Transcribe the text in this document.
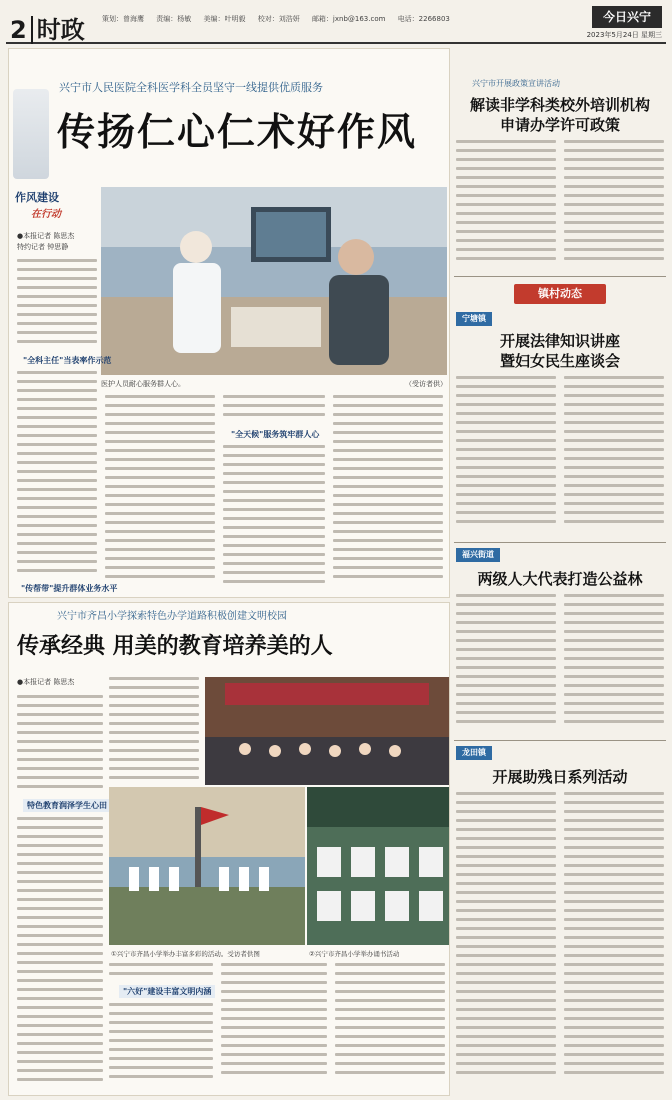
2 时政 策划：曾海鹰 责编：杨敏 美编：叶明毅 校对：刘浩妍 邮箱：jxnb@163.com 电话：2266803	今日兴宁
2023年5月24日 星期三
兴宁市人民医院全科医学科全员坚守一线提供优质服务
传扬仁心仁术好作风
作风建设
在行动
●本报记者 陈思杰
特约记者 钟思静
医护人员耐心服务群人心。	（受访者供）
"全科主任"当表率作示范
"传帮带"提升群体业务水平
"全天候"服务筑牢群人心
兴宁市齐昌小学探索特色办学道路积极创建文明校园
传承经典 用美的教育培养美的人
●本报记者 陈思杰
特色教育润泽学生心田
①兴宁市齐昌小学举办丰富多彩的活动。受访者供图	②兴宁市齐昌小学举办诵书活动
"六好"建设丰富文明内涵
兴宁市开展政策宣讲活动
解读非学科类校外培训机构
申请办学许可政策
镇村动态
宁塘镇
开展法律知识讲座
暨妇女民生座谈会
福兴街道
两级人大代表打造公益林
龙田镇
开展助残日系列活动
